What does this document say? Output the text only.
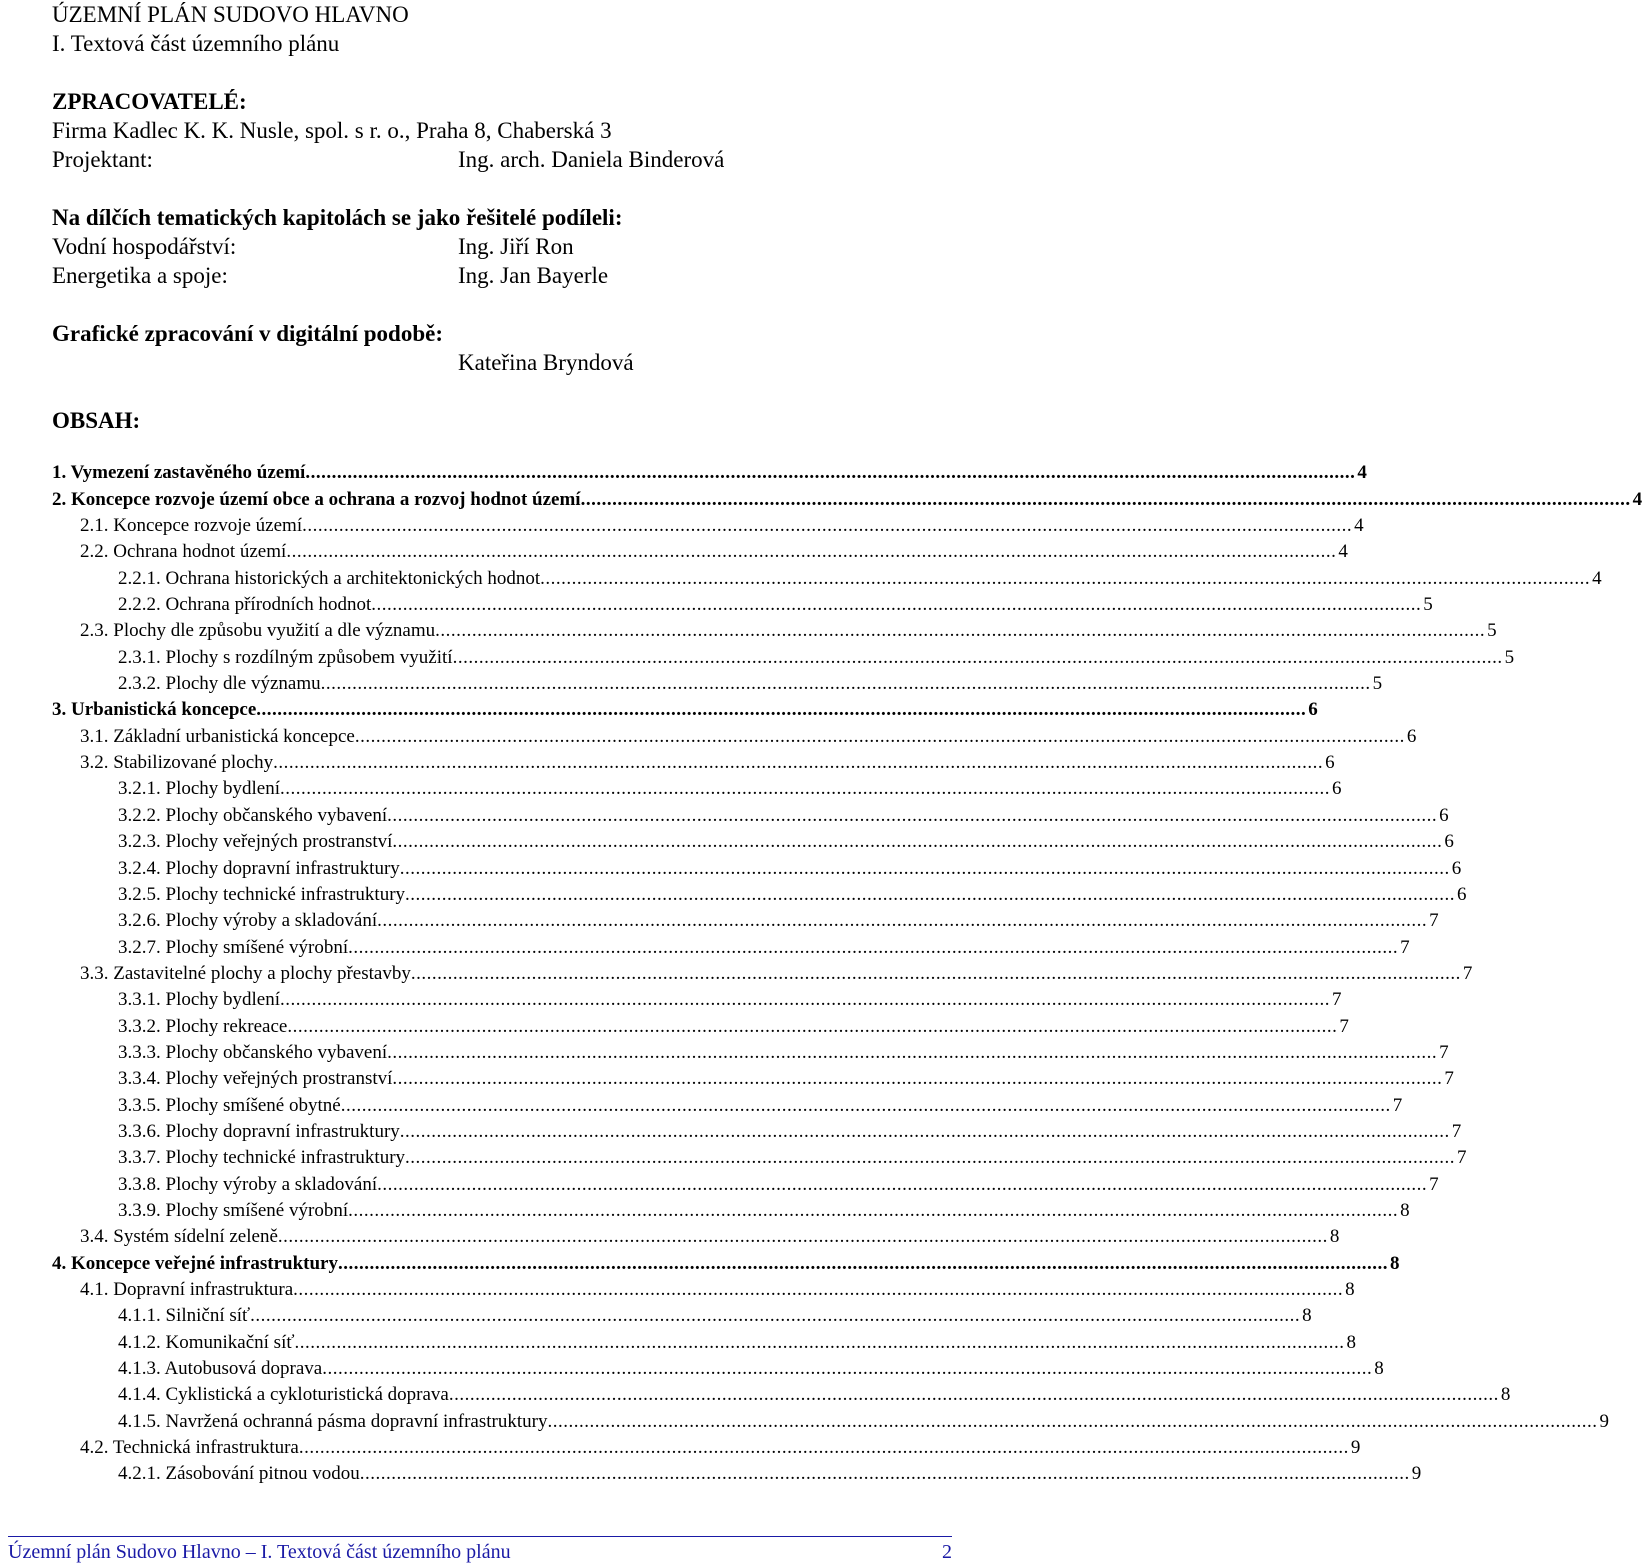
ÚZEMNÍ PLÁN SUDOVO HLAVNO
I. Textová část územního plánu
ZPRACOVATELÉ:
Firma Kadlec K. K. Nusle, spol. s r. o., Praha 8, Chaberská 3
Projektant:	Ing. arch. Daniela Binderová
Na dílčích tematických kapitolách se jako řešitelé podíleli:
Vodní hospodářství:	Ing. Jiří Ron
Energetika a spoje:	Ing. Jan Bayerle
Grafické zpracování v digitální podobě:
Kateřina Bryndová
OBSAH:
1. Vymezení zastavěného území ........................................................................................................................................................................................................ 4
2. Koncepce rozvoje území obce a ochrana a rozvoj hodnot území ........................................................................................................................................................................................................ 4
2.1. Koncepce rozvoje území ........................................................................................................................................................................................................ 4
2.2. Ochrana hodnot území ........................................................................................................................................................................................................ 4
2.2.1. Ochrana historických a architektonických hodnot ........................................................................................................................................................................................................ 4
2.2.2. Ochrana přírodních hodnot ........................................................................................................................................................................................................ 5
2.3. Plochy dle způsobu využití a dle významu ........................................................................................................................................................................................................ 5
2.3.1. Plochy s rozdílným způsobem využití ........................................................................................................................................................................................................ 5
2.3.2. Plochy dle významu ........................................................................................................................................................................................................ 5
3. Urbanistická koncepce ........................................................................................................................................................................................................ 6
3.1. Základní urbanistická koncepce ........................................................................................................................................................................................................ 6
3.2. Stabilizované plochy ........................................................................................................................................................................................................ 6
3.2.1. Plochy bydlení ........................................................................................................................................................................................................ 6
3.2.2. Plochy občanského vybavení ........................................................................................................................................................................................................ 6
3.2.3. Plochy veřejných prostranství ........................................................................................................................................................................................................ 6
3.2.4. Plochy dopravní infrastruktury ........................................................................................................................................................................................................ 6
3.2.5. Plochy technické infrastruktury ........................................................................................................................................................................................................ 6
3.2.6. Plochy výroby a skladování ........................................................................................................................................................................................................ 7
3.2.7. Plochy smíšené výrobní ........................................................................................................................................................................................................ 7
3.3. Zastavitelné plochy a plochy přestavby ........................................................................................................................................................................................................ 7
3.3.1. Plochy bydlení ........................................................................................................................................................................................................ 7
3.3.2. Plochy rekreace ........................................................................................................................................................................................................ 7
3.3.3. Plochy občanského vybavení ........................................................................................................................................................................................................ 7
3.3.4. Plochy veřejných prostranství ........................................................................................................................................................................................................ 7
3.3.5. Plochy smíšené obytné ........................................................................................................................................................................................................ 7
3.3.6. Plochy dopravní infrastruktury ........................................................................................................................................................................................................ 7
3.3.7. Plochy technické infrastruktury ........................................................................................................................................................................................................ 7
3.3.8. Plochy výroby a skladování ........................................................................................................................................................................................................ 7
3.3.9. Plochy smíšené výrobní ........................................................................................................................................................................................................ 8
3.4. Systém sídelní zeleně ........................................................................................................................................................................................................ 8
4. Koncepce veřejné infrastruktury ........................................................................................................................................................................................................ 8
4.1. Dopravní infrastruktura ........................................................................................................................................................................................................ 8
4.1.1. Silniční síť ........................................................................................................................................................................................................ 8
4.1.2. Komunikační síť ........................................................................................................................................................................................................ 8
4.1.3. Autobusová doprava ........................................................................................................................................................................................................ 8
4.1.4. Cyklistická a cykloturistická doprava ........................................................................................................................................................................................................ 8
4.1.5. Navržená ochranná pásma dopravní infrastruktury ........................................................................................................................................................................................................ 9
4.2. Technická infrastruktura ........................................................................................................................................................................................................ 9
4.2.1. Zásobování pitnou vodou ........................................................................................................................................................................................................ 9
Územní plán Sudovo Hlavno – I. Textová část územního plánu	2
